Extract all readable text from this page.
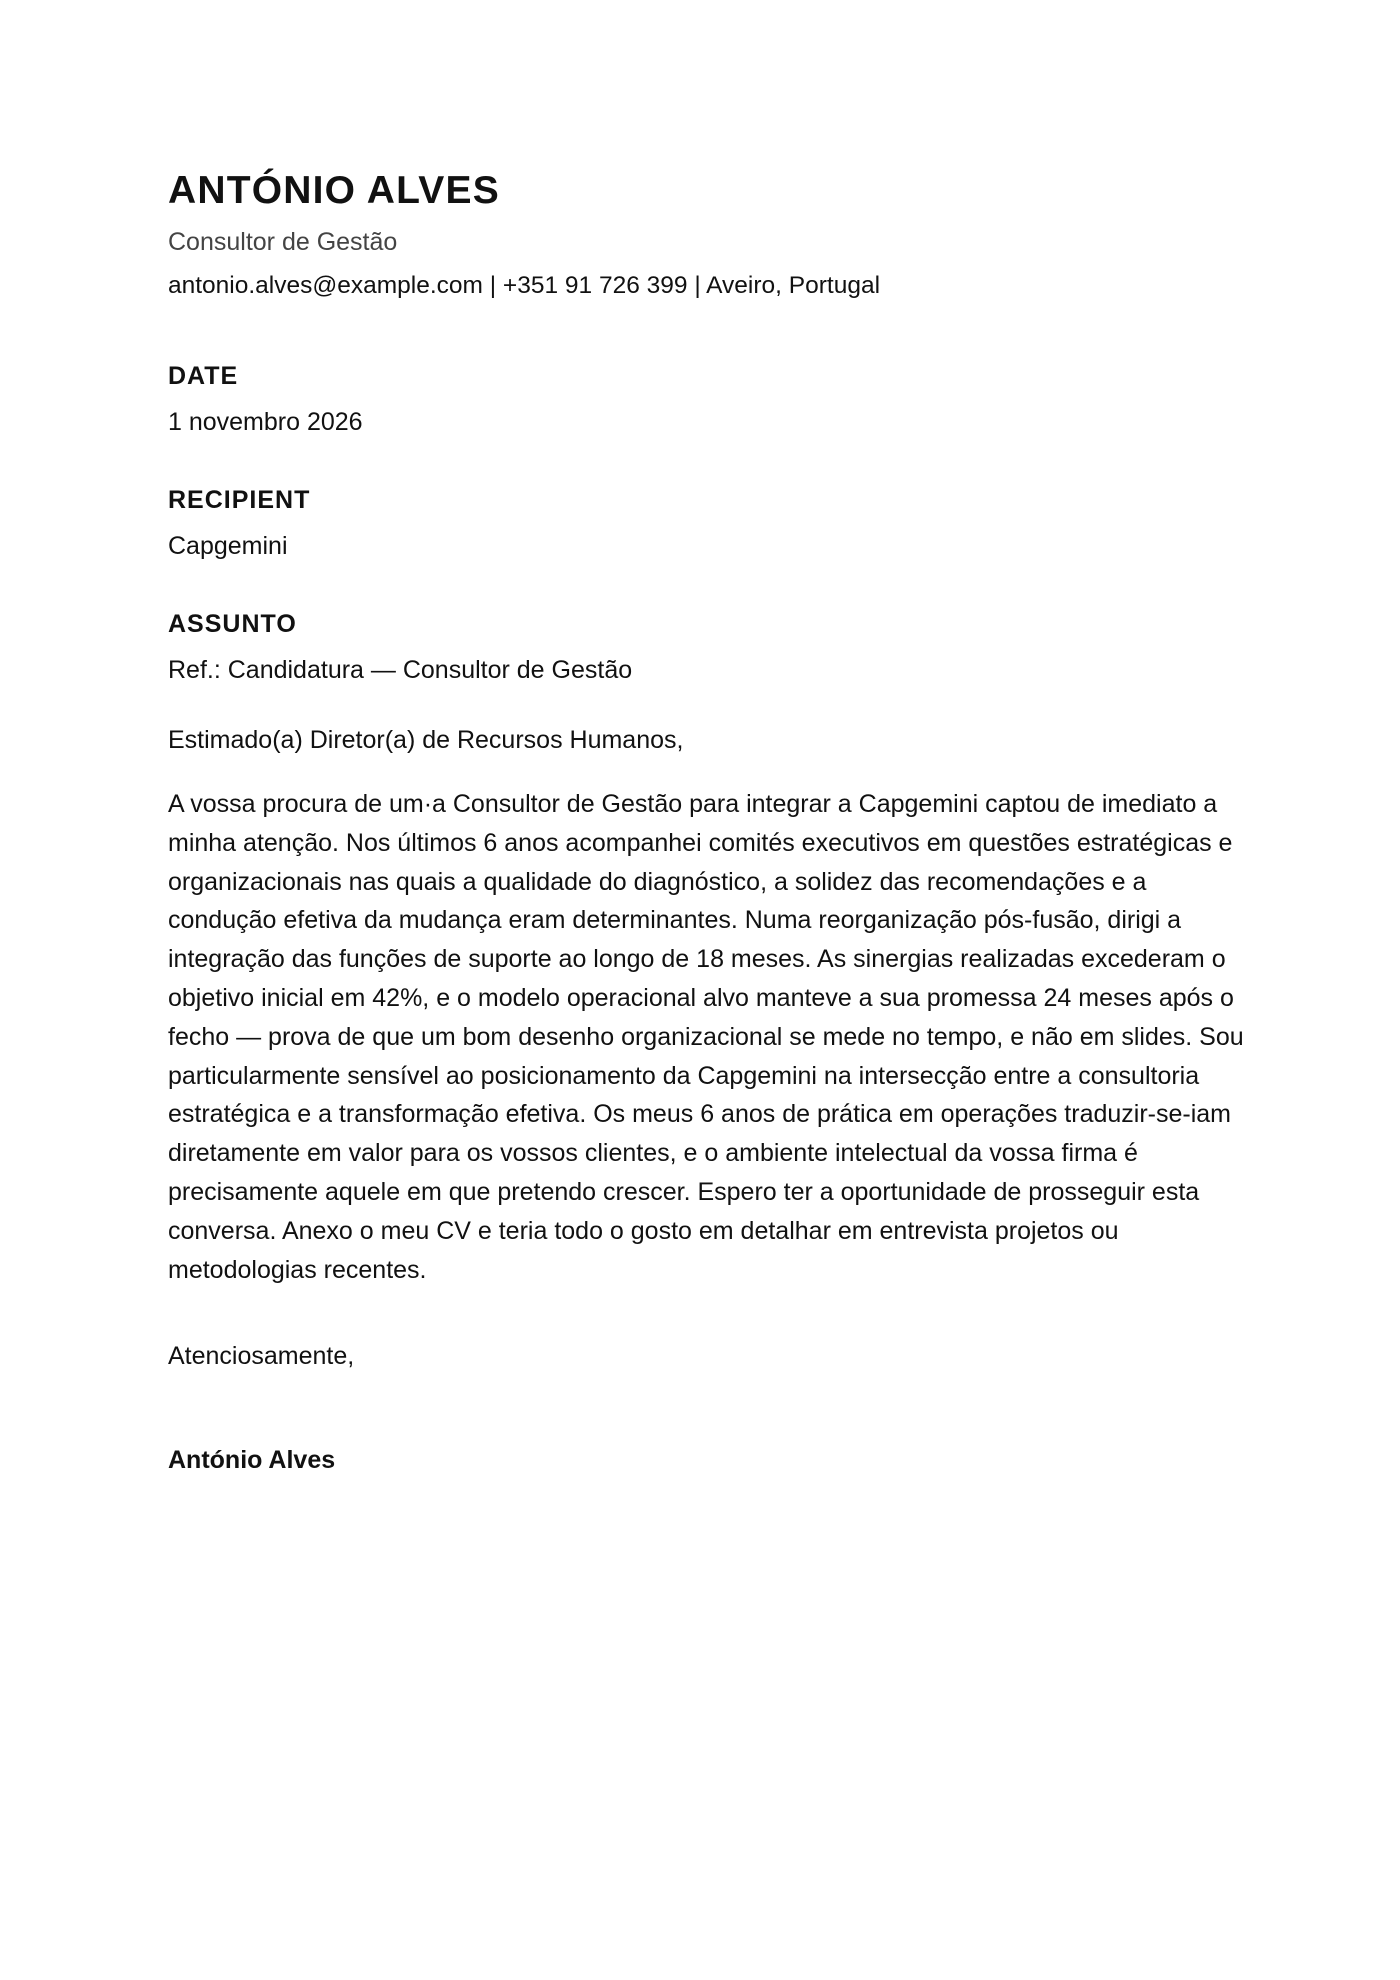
ANTÓNIO ALVES
Consultor de Gestão
antonio.alves@example.com | +351 91 726 399 | Aveiro, Portugal
DATE
1 novembro 2026
RECIPIENT
Capgemini
ASSUNTO
Ref.: Candidatura — Consultor de Gestão
Estimado(a) Diretor(a) de Recursos Humanos,

A vossa procura de um·a Consultor de Gestão para integrar a Capgemini captou de imediato a minha atenção. Nos últimos 6 anos acompanhei comités executivos em questões estratégicas e organizacionais nas quais a qualidade do diagnóstico, a solidez das recomendações e a condução efetiva da mudança eram determinantes. Numa reorganização pós-fusão, dirigi a integração das funções de suporte ao longo de 18 meses. As sinergias realizadas excederam o objetivo inicial em 42%, e o modelo operacional alvo manteve a sua promessa 24 meses após o fecho — prova de que um bom desenho organizacional se mede no tempo, e não em slides. Sou particularmente sensível ao posicionamento da Capgemini na intersecção entre a consultoria estratégica e a transformação efetiva. Os meus 6 anos de prática em operações traduzir-se-iam diretamente em valor para os vossos clientes, e o ambiente intelectual da vossa firma é precisamente aquele em que pretendo crescer. Espero ter a oportunidade de prosseguir esta conversa. Anexo o meu CV e teria todo o gosto em detalhar em entrevista projetos ou metodologias recentes.

Atenciosamente,
António Alves
